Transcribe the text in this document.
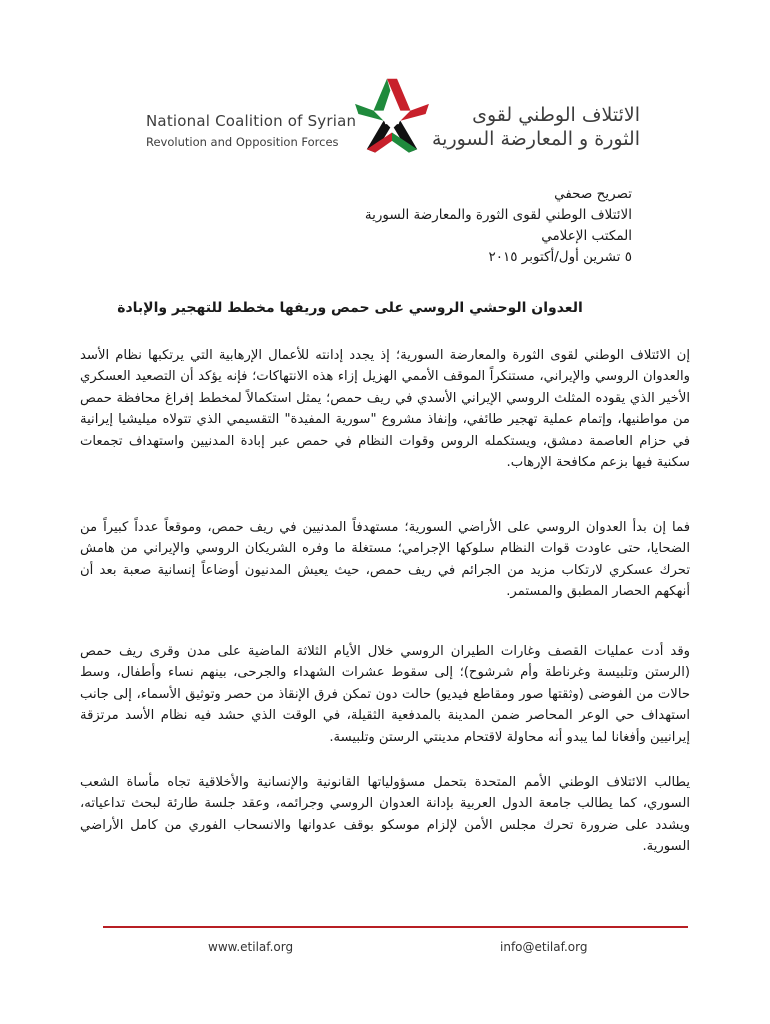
National Coalition of Syrian
Revolution and Opposition Forces
الائتلاف الوطني لقوى
الثورة و المعارضة السورية
تصريح صحفي
الائتلاف الوطني لقوى الثورة والمعارضة السورية
المكتب الإعلامي
٥ تشرين أول/أكتوبر ٢٠١٥
العدوان الوحشي الروسي على حمص وريفها مخطط للتهجير والإبادة
إن الائتلاف الوطني لقوى الثورة والمعارضة السورية؛ إذ يجدد إدانته للأعمال الإرهابية التي يرتكبها نظام الأسد والعدوان الروسي والإيراني، مستنكراً الموقف الأممي الهزيل إزاء هذه الانتهاكات؛ فإنه يؤكد أن التصعيد العسكري الأخير الذي يقوده المثلث الروسي الإيراني الأسدي في ريف حمص؛ يمثل استكمالاً لمخطط إفراغ محافظة حمص من مواطنيها، وإتمام عملية تهجير طائفي، وإنفاذ مشروع "سورية المفيدة" التقسيمي الذي تتولاه ميليشيا إيرانية في حزام العاصمة دمشق، ويستكمله الروس وقوات النظام في حمص عبر إبادة المدنيين واستهداف تجمعات سكنية فيها بزعم مكافحة الإرهاب.
فما إن بدأ العدوان الروسي على الأراضي السورية؛ مستهدفاً المدنيين في ريف حمص، وموقعاً عدداً كبيراً من الضحايا، حتى عاودت قوات النظام سلوكها الإجرامي؛ مستغلة ما وفره الشريكان الروسي والإيراني من هامش تحرك عسكري لارتكاب مزيد من الجرائم في ريف حمص، حيث يعيش المدنيون أوضاعاً إنسانية صعبة بعد أن أنهكهم الحصار المطبق والمستمر.
وقد أدت عمليات القصف وغارات الطيران الروسي خلال الأيام الثلاثة الماضية على مدن وقرى ريف حمص (الرستن وتلبيسة وغرناطة وأم شرشوح)؛ إلى سقوط عشرات الشهداء والجرحى، بينهم نساء وأطفال، وسط حالات من الفوضى (وثقتها صور ومقاطع فيديو) حالت دون تمكن فرق الإنقاذ من حصر وتوثيق الأسماء، إلى جانب استهداف حي الوعر المحاصر ضمن المدينة بالمدفعية الثقيلة، في الوقت الذي حشد فيه نظام الأسد مرتزقة إيرانيين وأفغانا لما يبدو أنه محاولة لاقتحام مدينتي الرستن وتلبيسة.
يطالب الائتلاف الوطني الأمم المتحدة بتحمل مسؤولياتها القانونية والإنسانية والأخلاقية تجاه مأساة الشعب السوري، كما يطالب جامعة الدول العربية بإدانة العدوان الروسي وجرائمه، وعقد جلسة طارئة لبحث تداعياته، ويشدد على ضرورة تحرك مجلس الأمن لإلزام موسكو بوقف عدوانها والانسحاب الفوري من كامل الأراضي السورية.
www.etilaf.org	info@etilaf.org
